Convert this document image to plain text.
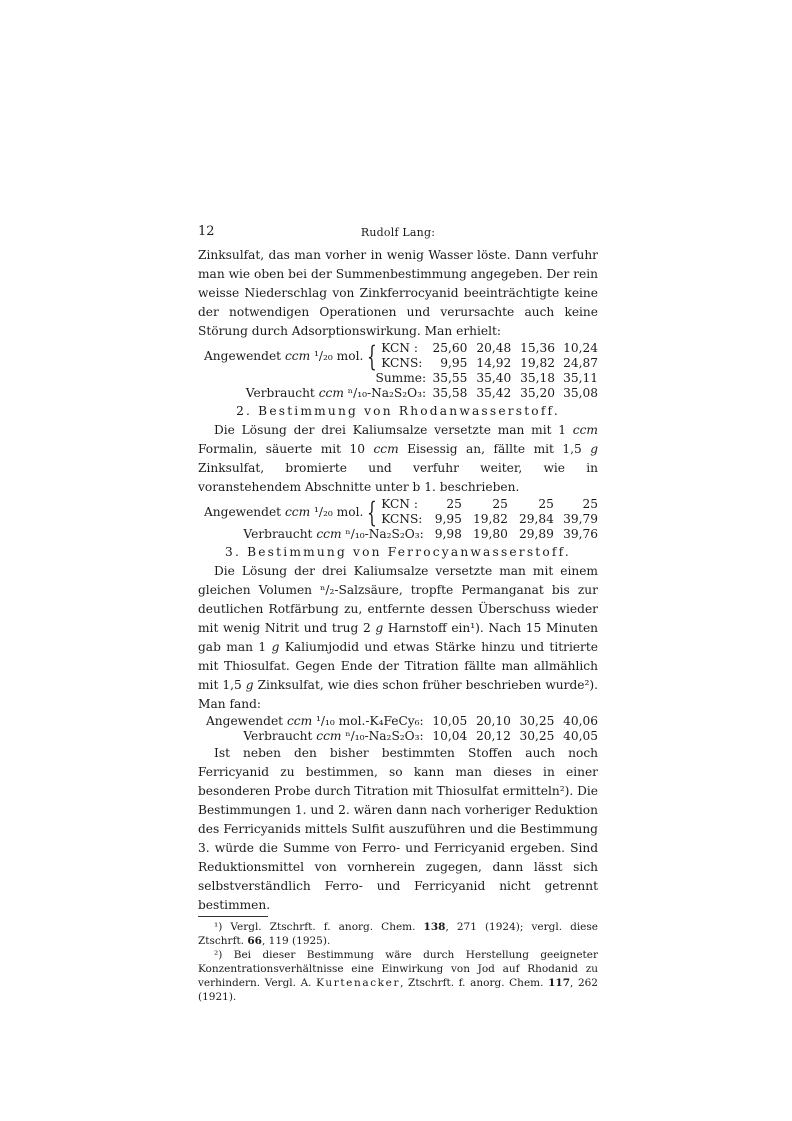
12	Rudolf Lang:

Zinksulfat, das man vorher in wenig Wasser löste. Dann verfuhr man wie oben bei der Summenbestimmung angegeben. Der rein weisse Niederschlag von Zinkferrocyanid beeinträchtigte keine der notwendigen Operationen und verursachte auch keine Störung durch Adsorptionswirkung. Man erhielt:

Angewendet ccm ¹/₂₀ mol.	{	KCN :	25,60	20,48	15,36	10,24
		KCNS:	9,95	14,92	19,82	24,87
Summe:			35,55	35,40	35,18	35,11
Verbraucht ccm ⁿ/₁₀-Na₂S₂O₃:			35,58	35,42	35,20	35,08
2. Bestimmung von Rhodanwasserstoff.

Die Lösung der drei Kaliumsalze versetzte man mit 1 ccm Formalin, säuerte mit 10 ccm Eisessig an, fällte mit 1,5 g Zinksulfat, bromierte und verfuhr weiter, wie in voranstehendem Abschnitte unter b 1. beschrieben.

Angewendet ccm ¹/₂₀ mol.	{	KCN :	25	25	25	25
		KCNS:	9,95	19,82	29,84	39,79
Verbraucht ccm ⁿ/₁₀-Na₂S₂O₃:			9,98	19,80	29,89	39,76
3. Bestimmung von Ferrocyanwasserstoff.

Die Lösung der drei Kaliumsalze versetzte man mit einem gleichen Volumen ⁿ/₂-Salzsäure, tropfte Permanganat bis zur deutlichen Rotfärbung zu, entfernte dessen Überschuss wieder mit wenig Nitrit und trug 2 g Harnstoff ein¹). Nach 15 Minuten gab man 1 g Kaliumjodid und etwas Stärke hinzu und titrierte mit Thiosulfat. Gegen Ende der Titration fällte man allmählich mit 1,5 g Zinksulfat, wie dies schon früher beschrieben wurde²). Man fand:

Angewendet ccm ¹/₁₀ mol.-K₄FeCy₆:	10,05	20,10	30,25	40,06
Verbraucht ccm ⁿ/₁₀-Na₂S₂O₃:	10,04	20,12	30,25	40,05

Ist neben den bisher bestimmten Stoffen auch noch Ferricyanid zu bestimmen, so kann man dieses in einer besonderen Probe durch Titration mit Thiosulfat ermitteln²). Die Bestimmungen 1. und 2. wären dann nach vorheriger Reduktion des Ferricyanids mittels Sulfit auszuführen und die Bestimmung 3. würde die Summe von Ferro- und Ferricyanid ergeben. Sind Reduktionsmittel von vornherein zugegen, dann lässt sich selbstverständlich Ferro- und Ferricyanid nicht getrennt bestimmen.

¹) Vergl. Ztschrft. f. anorg. Chem. 138, 271 (1924); vergl. diese Ztschrft. 66, 119 (1925).

²) Bei dieser Bestimmung wäre durch Herstellung geeigneter Konzentrationsverhältnisse eine Einwirkung von Jod auf Rhodanid zu verhindern. Vergl. A. Kurtenacker, Ztschrft. f. anorg. Chem. 117, 262 (1921).
